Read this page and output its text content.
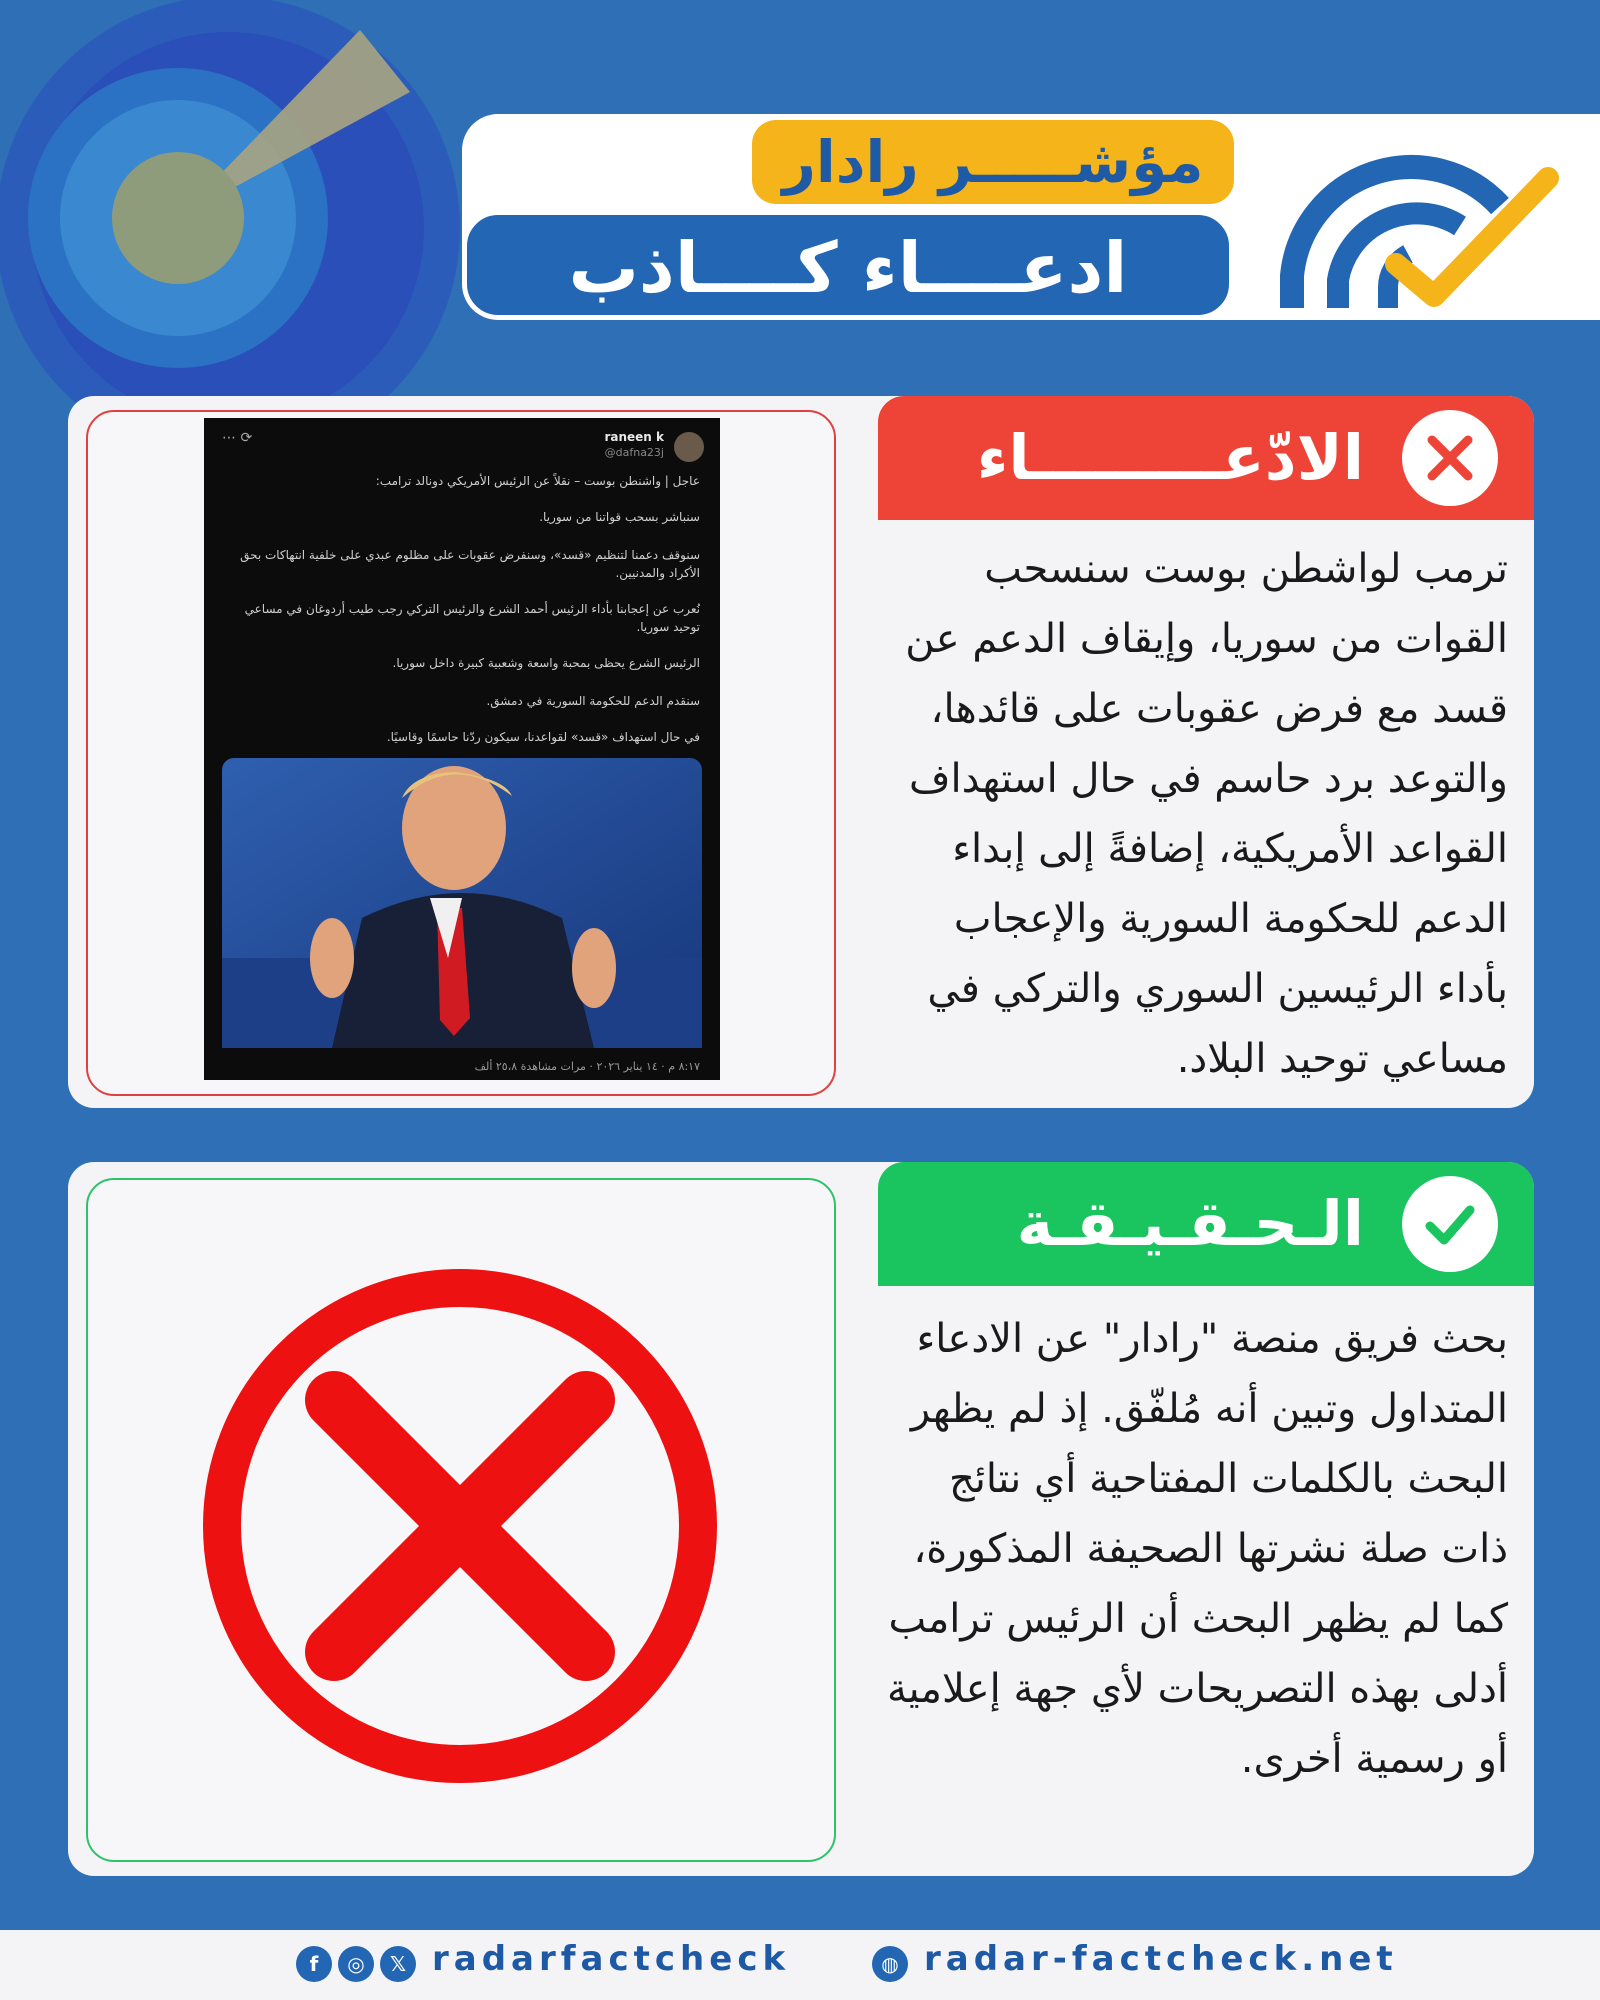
مؤشـــــر رادار
ادعــــاء كــــاذب
raneen k
@dafna23j
⋯ ⟳
عاجل | واشنطن بوست – نقلاً عن الرئيس الأمريكي دونالد ترامب:
سنباشر بسحب قواتنا من سوريا.
سنوقف دعمنا لتنظيم «قسد»، وسنفرض عقوبات على مظلوم عبدي على خلفية انتهاكات بحق الأكراد والمدنيين.
نُعرب عن إعجابنا بأداء الرئيس أحمد الشرع والرئيس التركي رجب طيب أردوغان في مساعي توحيد سوريا.
الرئيس الشرع يحظى بمحبة واسعة وشعبية كبيرة داخل سوريا.
سنقدم الدعم للحكومة السورية في دمشق.
في حال استهداف «قسد» لقواعدنا، سيكون ردّنا حاسمًا وقاسيًا.
٨:١٧ م · ١٤ يناير ٢٠٢٦ · مرات مشاهدة ٢٥،٨ ألف
الادّعـــــــــاء
ترمب لواشطن بوست سنسحب القوات من سوريا، وإيقاف الدعم عن قسد مع فرض عقوبات على قائدها، والتوعد برد حاسم في حال استهداف القواعد الأمريكية، إضافةً إلى إبداء الدعم للحكومة السورية والإعجاب بأداء الرئيسين السوري والتركي في مساعي توحيد البلاد.
الـحـقـيـقـة
بحث فريق منصة "رادار" عن الادعاء المتداول وتبين أنه مُلفّق. إذ لم يظهر البحث بالكلمات المفتاحية أي نتائج ذات صلة نشرتها الصحيفة المذكورة، كما لم يظهر البحث أن الرئيس ترامب أدلى بهذه التصريحات لأي جهة إعلامية أو رسمية أخرى.
f	◎	𝕏 radarfactcheck	◍ radar-factcheck.net
